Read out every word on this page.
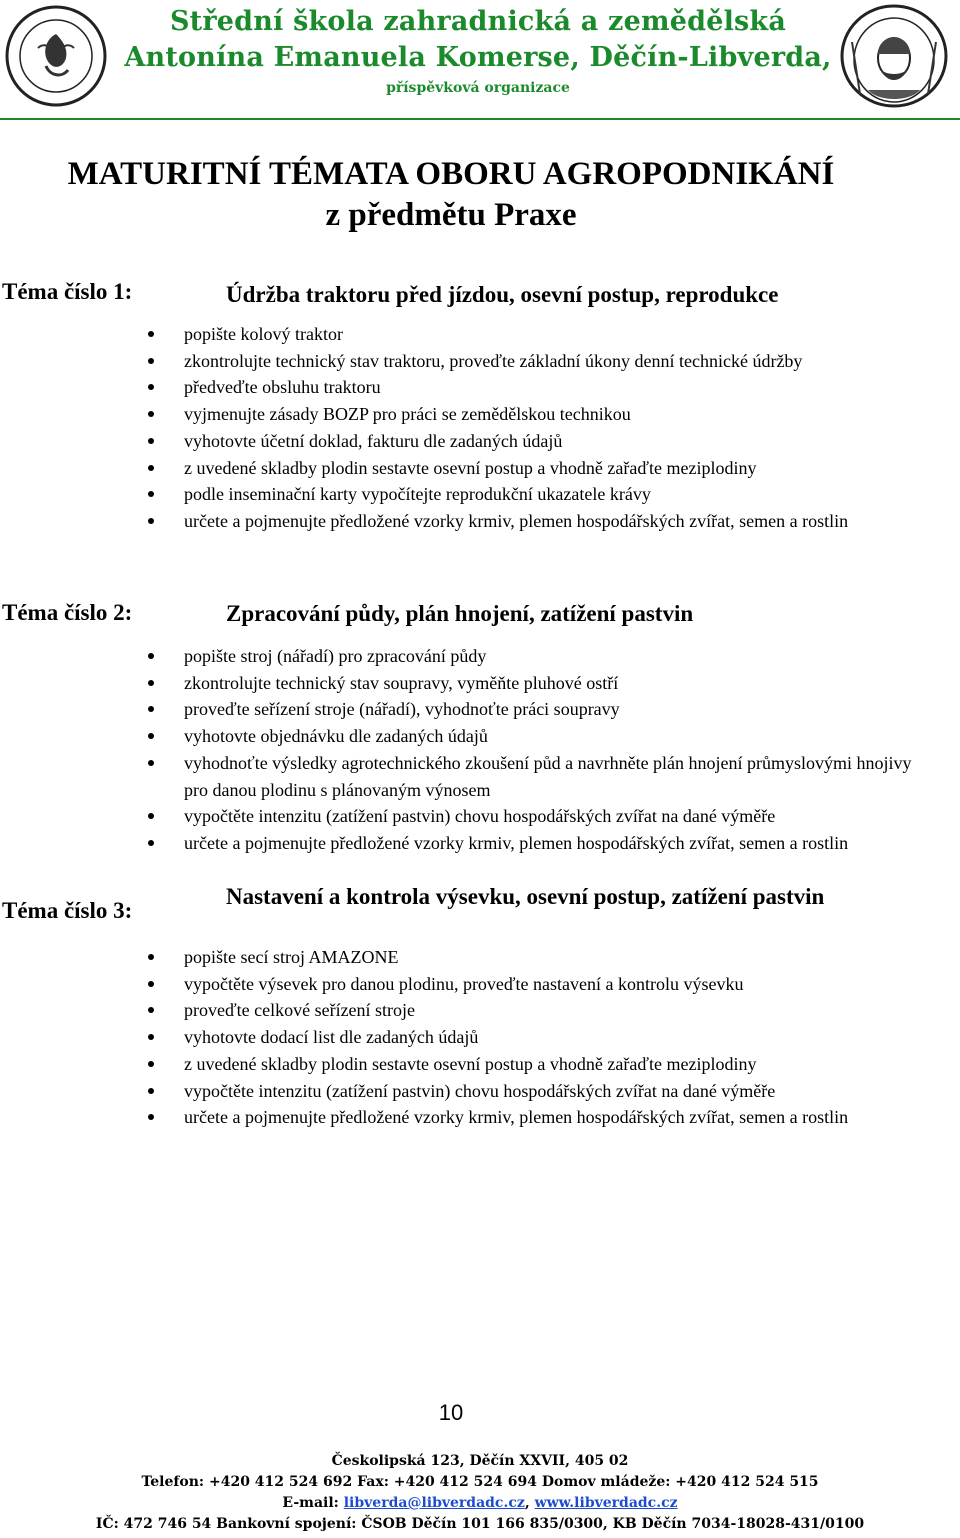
Střední škola zahradnická a zemědělská
Antonína Emanuela Komerse, Děčín-Libverda,
příspěvková organizace
MATURITNÍ TÉMATA OBORU AGROPODNIKÁNÍ
z předmětu Praxe
Téma číslo 1:	Údržba traktoru před jízdou, osevní postup, reprodukce
popište kolový traktor
zkontrolujte technický stav traktoru, proveďte základní úkony denní technické údržby
předveďte obsluhu traktoru
vyjmenujte zásady BOZP pro práci se zemědělskou technikou
vyhotovte účetní doklad, fakturu dle zadaných údajů
z uvedené skladby plodin sestavte osevní postup a vhodně zařaďte meziplodiny
podle inseminační karty vypočítejte reprodukční ukazatele krávy
určete a pojmenujte předložené vzorky krmiv, plemen hospodářských zvířat, semen a rostlin
Téma číslo 2:	Zpracování půdy, plán hnojení, zatížení pastvin
popište stroj (nářadí) pro zpracování půdy
zkontrolujte technický stav soupravy, vyměňte pluhové ostří
proveďte seřízení stroje (nářadí), vyhodnoťte práci soupravy
vyhotovte objednávku dle zadaných údajů
vyhodnoťte výsledky agrotechnického zkoušení půd a navrhněte plán hnojení průmyslovými hnojivy pro danou plodinu s plánovaným výnosem
vypočtěte intenzitu (zatížení pastvin) chovu hospodářských zvířat na dané výměře
určete a pojmenujte předložené vzorky krmiv, plemen hospodářských zvířat, semen a rostlin
Téma číslo 3:
Nastavení a kontrola výsevku, osevní postup, zatížení pastvin
popište secí stroj AMAZONE
vypočtěte výsevek pro danou plodinu, proveďte nastavení a kontrolu výsevku
proveďte celkové seřízení stroje
vyhotovte dodací list dle zadaných údajů
z uvedené skladby plodin sestavte osevní postup a vhodně zařaďte meziplodiny
vypočtěte intenzitu (zatížení pastvin) chovu hospodářských zvířat na dané výměře
určete a pojmenujte předložené vzorky krmiv, plemen hospodářských zvířat, semen a rostlin
10
Českolipská 123, Děčín XXVII, 405 02
Telefon: +420 412 524 692 Fax: +420 412 524 694 Domov mládeže: +420 412 524 515
E-mail: libverda@libverdadc.cz, www.libverdadc.cz
IČ: 472 746 54 Bankovní spojení: ČSOB Děčín 101 166 835/0300, KB Děčín 7034-18028-431/0100
